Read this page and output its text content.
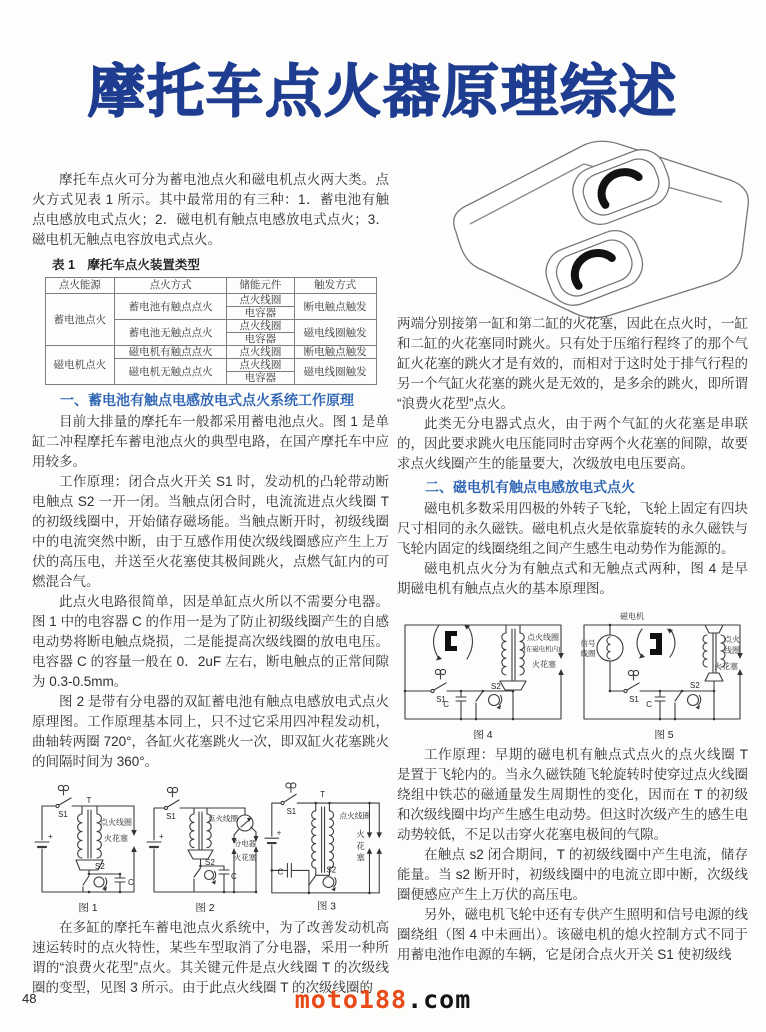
摩托车点火器原理综述

摩托车点火可分为蓄电池点火和磁电机点火两大类。点火方式见表 1 所示。其中最常用的有三种：1．蓄电池有触点电感放电式点火；2．磁电机有触点电感放电式点火；3．磁电机无触点电容放电式点火。

表 1　摩托车点火装置类型
点火能源	点火方式	储能元件	触发方式
蓄电池点火	蓄电池有触点点火	点火线圈	断电触点触发
		电容器	
	蓄电池无触点点火	点火线圈	磁电线圈触发
		电容器	
磁电机点火	磁电机有触点点火	点火线圈	断电触点触发
	磁电机无触点点火	点火线圈	磁电线圈触发
		电容器	
一、蓄电池有触点电感放电式点火系统工作原理

目前大排量的摩托车一般都采用蓄电池点火。图 1 是单缸二冲程摩托车蓄电池点火的典型电路，在国产摩托车中应用较多。

工作原理：闭合点火开关 S1 时，发动机的凸轮带动断电触点 S2 一开一闭。当触点闭合时，电流流进点火线圈 T 的初级线圈中，开始储存磁场能。当触点断开时，初级线圈中的电流突然中断，由于互感作用使次级线圈感应产生上万伏的高压电，并送至火花塞使其极间跳火，点燃气缸内的可燃混合气。

此点火电路很简单，因是单缸点火所以不需要分电器。图 1 中的电容器 C 的作用一是为了防止初级线圈产生的自感电动势将断电触点烧损，二是能提高次级线圈的放电电压。电容器 C 的容量一般在 0．2uF 左右，断电触点的正常间隙为 0.3-0.5mm。

图 2 是带有分电器的双缸蓄电池有触点电感放电式点火原理图。工作原理基本同上，只不过它采用四冲程发动机，曲轴转两圈 720°，各缸火花塞跳火一次，即双缸火花塞跳火的间隔时间为 360°。

T
S1
+
点火线圈
火花塞
S2
C
图 1
S1
+
点火线圈
分电器
火花塞
S2
C
图 2
T
S1
+
点火线圈
火
花
塞
S2
C
图 3

在多缸的摩托车蓄电池点火系统中，为了改善发动机高速运转时的点火特性，某些车型取消了分电器，采用一种所谓的“浪费火花型”点火。其关键元件是点火线圈 T 的次级线圈的变型，见图 3 所示。由于此点火线圈 T 的次级线圈的

两端分别接第一缸和第二缸的火花塞，因此在点火时，一缸和二缸的火花塞同时跳火。只有处于压缩行程终了的那个气缸火花塞的跳火才是有效的，而相对于这时处于排气行程的另一个气缸火花塞的跳火是无效的，是多余的跳火，即所谓“浪费火花型”点火。

此类无分电器式点火，由于两个气缸的火花塞是串联的，因此要求跳火电压能同时击穿两个火花塞的间隙，故要求点火线圈产生的能量要大，次级放电电压要高。

二、磁电机有触点电感放电式点火

磁电机多数采用四极的外转子飞轮，飞轮上固定有四块尺寸相同的永久磁铁。磁电机点火是依靠旋转的永久磁铁与飞轮内固定的线圈绕组之间产生感生电动势作为能源的。

磁电机点火分为有触点式和无触点式两种，图 4 是早期磁电机有触点点火的基本原理图。

S1
C
S2
点火线圈
(在磁电机内)
火花塞
图 4
磁电机
信号
线圈
S1
C
S2
点火
线圈
火花塞
图 5

工作原理：早期的磁电机有触点式点火的点火线圈 T 是置于飞轮内的。当永久磁铁随飞轮旋转时使穿过点火线圈绕组中铁芯的磁通量发生周期性的变化，因而在 T 的初级和次级线圈中均产生感生电动势。但这时次级产生的感生电动势较低，不足以击穿火花塞电极间的气隙。

在触点 s2 闭合期间，T 的初级线圈中产生电流，储存能量。当 s2 断开时，初级线圈中的电流立即中断，次级线圈便感应产生上万伏的高压电。

另外，磁电机飞轮中还有专供产生照明和信号电源的线圈绕组（图 4 中未画出）。该磁电机的熄火控制方式不同于用蓄电池作电源的车辆，它是闭合点火开关 S1 使初级线

48	moto188.com
